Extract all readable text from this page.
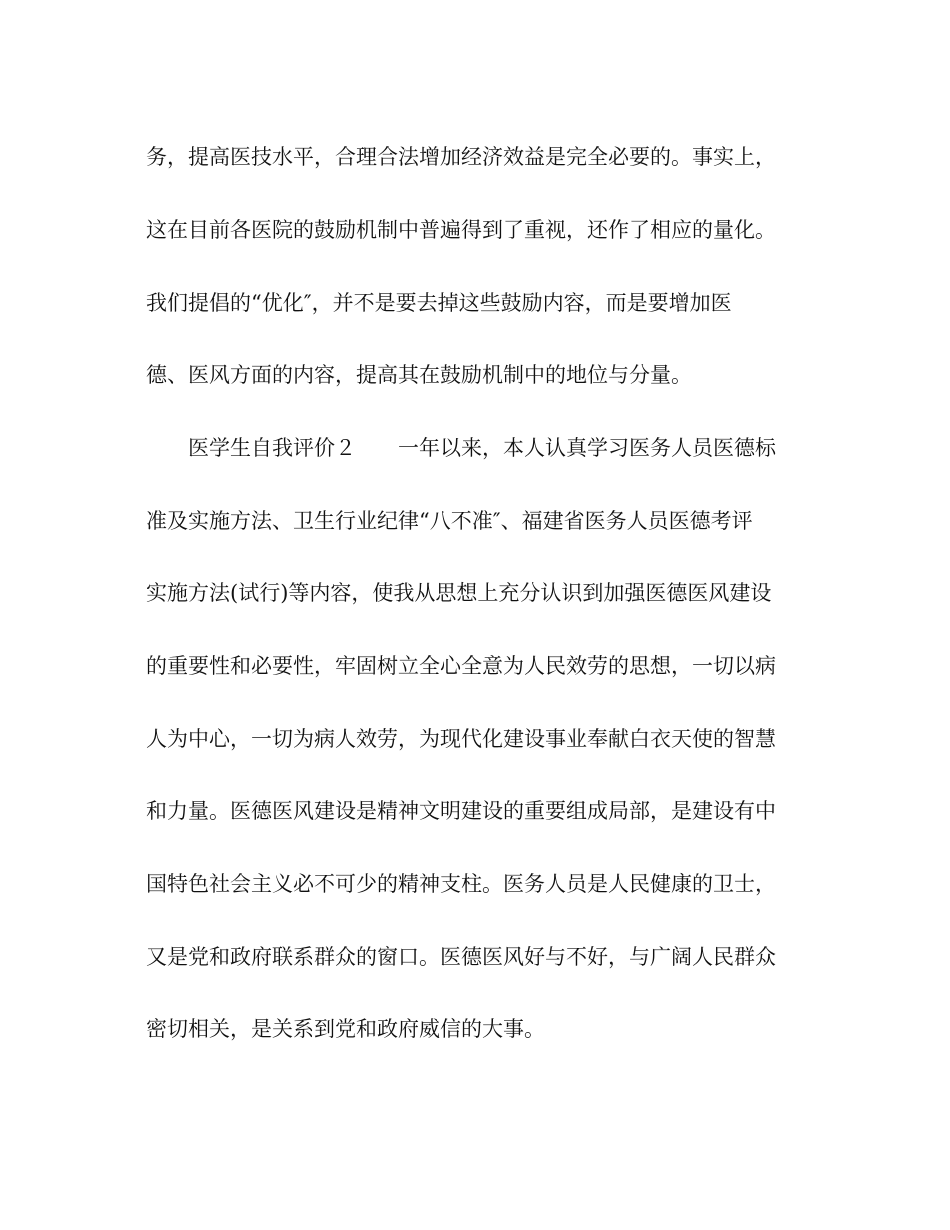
务，提高医技水平，合理合法增加经济效益是完全必要的。事实上，
这在目前各医院的鼓励机制中普遍得到了重视，还作了相应的量化。
我们提倡的“优化″，并不是要去掉这些鼓励内容，而是要增加医
德、医风方面的内容，提高其在鼓励机制中的地位与分量。
　　医学生自我评价２　　一年以来，本人认真学习医务人员医德标
准及实施方法、卫生行业纪律“八不准″、福建省医务人员医德考评
实施方法(试行)等内容，使我从思想上充分认识到加强医德医风建设
的重要性和必要性，牢固树立全心全意为人民效劳的思想，一切以病
人为中心，一切为病人效劳，为现代化建设事业奉献白衣天使的智慧
和力量。医德医风建设是精神文明建设的重要组成局部，是建设有中
国特色社会主义必不可少的精神支柱。医务人员是人民健康的卫士，
又是党和政府联系群众的窗口。医德医风好与不好，与广阔人民群众
密切相关，是关系到党和政府威信的大事。
